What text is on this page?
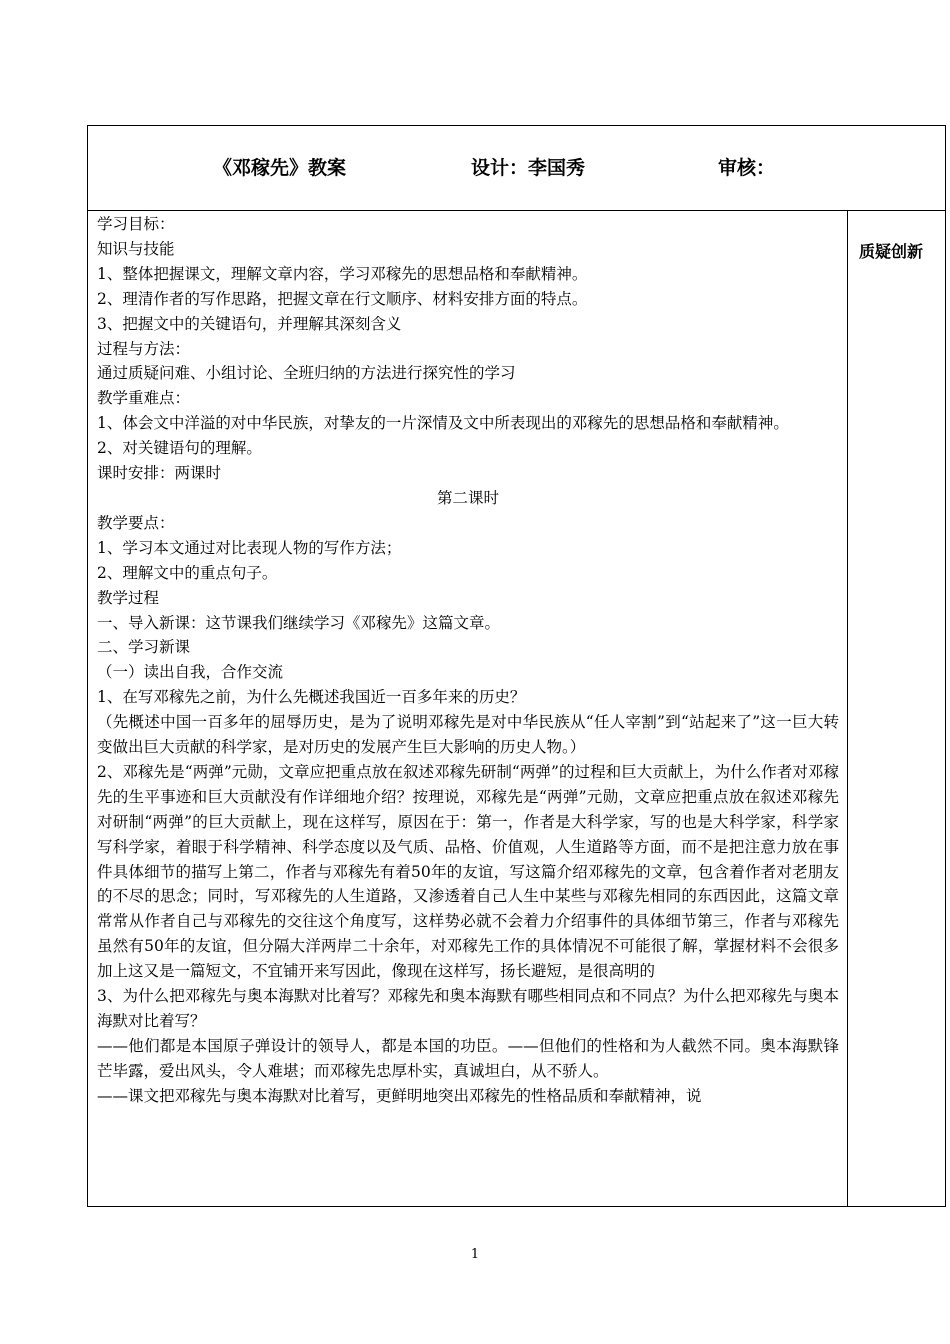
《邓稼先》教案	设计：李国秀	审核：

学习目标：

知识与技能

1、整体把握课文，理解文章内容，学习邓稼先的思想品格和奉献精神。

2、理清作者的写作思路，把握文章在行文顺序、材料安排方面的特点。

3、把握文中的关键语句，并理解其深刻含义

过程与方法：

通过质疑问难、小组讨论、全班归纳的方法进行探究性的学习

教学重难点：

1、体会文中洋溢的对中华民族，对挚友的一片深情及文中所表现出的邓稼先的思想品格和奉献精神。

2、对关键语句的理解。

课时安排：两课时

第二课时

教学要点：

1、学习本文通过对比表现人物的写作方法；

2、理解文中的重点句子。

教学过程

一、导入新课：这节课我们继续学习《邓稼先》这篇文章。

二、学习新课

（一）读出自我，合作交流

1、在写邓稼先之前，为什么先概述我国近一百多年来的历史？

（先概述中国一百多年的屈辱历史，是为了说明邓稼先是对中华民族从“任人宰割”到“站起来了”这一巨大转变做出巨大贡献的科学家，是对历史的发展产生巨大影响的历史人物。）

2、邓稼先是“两弹”元勋，文章应把重点放在叙述邓稼先研制“两弹”的过程和巨大贡献上，为什么作者对邓稼先的生平事迹和巨大贡献没有作详细地介绍？按理说，邓稼先是“两弹”元勋，文章应把重点放在叙述邓稼先对研制“两弹”的巨大贡献上，现在这样写，原因在于：第一，作者是大科学家，写的也是大科学家，科学家写科学家，着眼于科学精神、科学态度以及气质、品格、价值观，人生道路等方面，而不是把注意力放在事件具体细节的描写上第二，作者与邓稼先有着50年的友谊，写这篇介绍邓稼先的文章，包含着作者对老朋友的不尽的思念；同时，写邓稼先的人生道路，又渗透着自己人生中某些与邓稼先相同的东西因此，这篇文章常常从作者自己与邓稼先的交往这个角度写，这样势必就不会着力介绍事件的具体细节第三，作者与邓稼先虽然有50年的友谊，但分隔大洋两岸二十余年，对邓稼先工作的具体情况不可能很了解，掌握材料不会很多加上这又是一篇短文，不宜铺开来写因此，像现在这样写，扬长避短，是很高明的

3、为什么把邓稼先与奥本海默对比着写？邓稼先和奥本海默有哪些相同点和不同点？为什么把邓稼先与奥本海默对比着写？

——他们都是本国原子弹设计的领导人，都是本国的功臣。——但他们的性格和为人截然不同。奥本海默锋芒毕露，爱出风头，令人难堪；而邓稼先忠厚朴实，真诚坦白，从不骄人。

——课文把邓稼先与奥本海默对比着写，更鲜明地突出邓稼先的性格品质和奉献精神，说

质疑创新
1
